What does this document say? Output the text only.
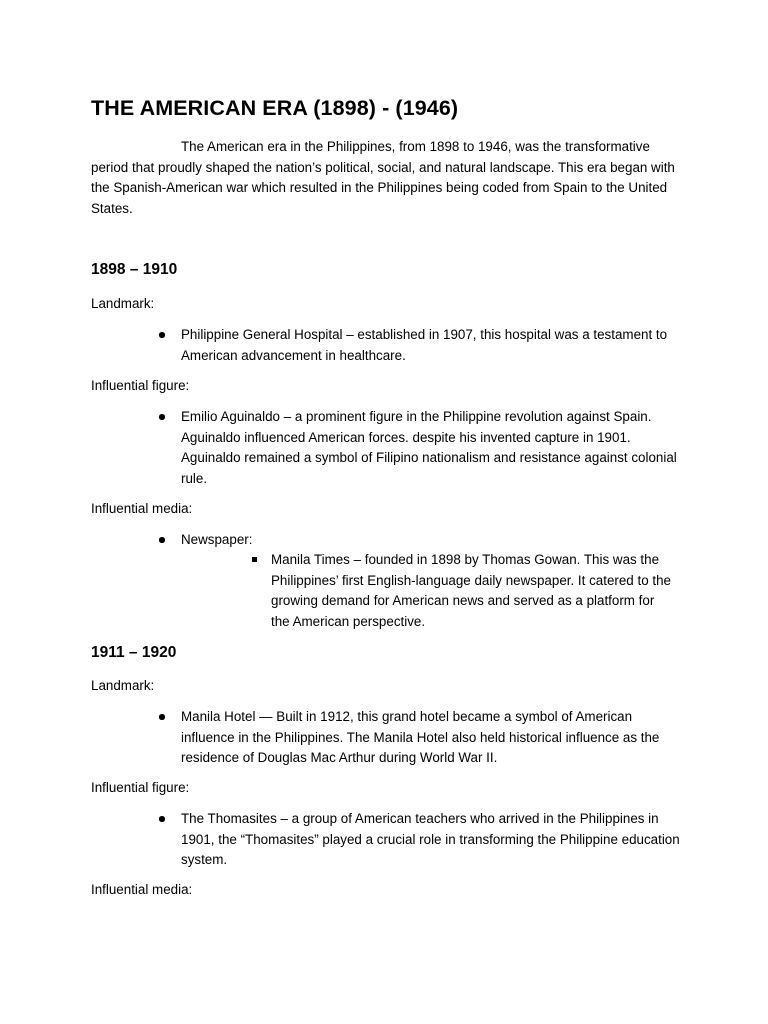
THE AMERICAN ERA (1898) - (1946)

The American era in the Philippines, from 1898 to 1946, was the transformative period that proudly shaped the nation’s political, social, and natural landscape. This era began with the Spanish-American war which resulted in the Philippines being coded from Spain to the United States.

1898 – 1910

Landmark:

Philippine General Hospital – established in 1907, this hospital was a testament to American advancement in healthcare.

Influential figure:

Emilio Aguinaldo – a prominent figure in the Philippine revolution against Spain. Aguinaldo influenced American forces. despite his invented capture in 1901. Aguinaldo remained a symbol of Filipino nationalism and resistance against colonial rule.

Influential media:

Newspaper:
Manila Times – founded in 1898 by Thomas Gowan. This was the Philippines’ first English-language daily newspaper. It catered to the growing demand for American news and served as a platform for the American perspective.
1911 – 1920

Landmark:

Manila Hotel — Built in 1912, this grand hotel became a symbol of American influence in the Philippines. The Manila Hotel also held historical influence as the residence of Douglas Mac Arthur during World War II.

Influential figure:

The Thomasites – a group of American teachers who arrived in the Philippines in 1901, the “Thomasites” played a crucial role in transforming the Philippine education system.

Influential media:
